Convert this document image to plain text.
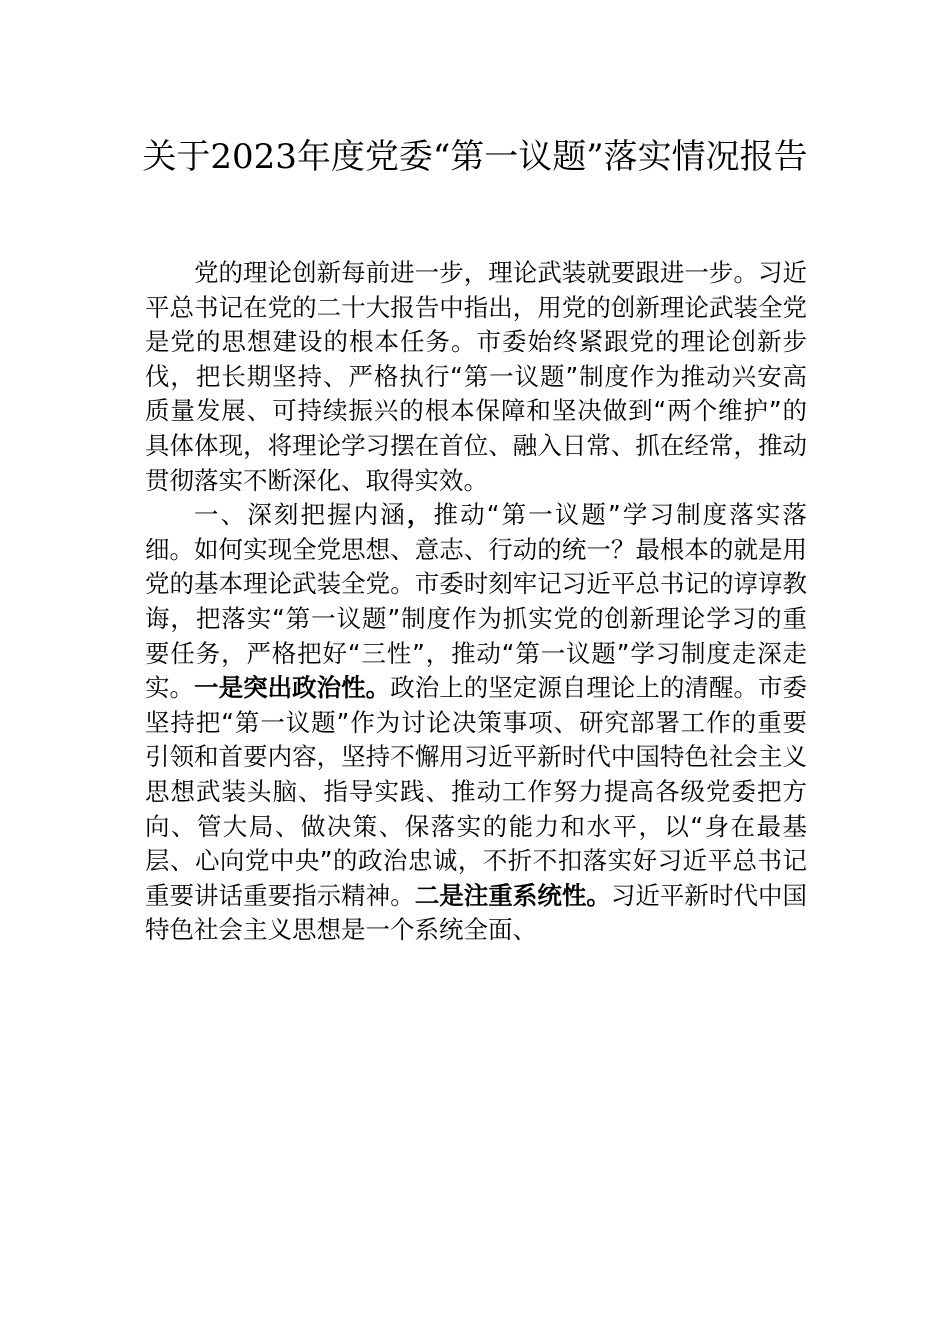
关于2023年度党委“第一议题”落实情况报告

党的理论创新每前进一步，理论武装就要跟进一步。习近平总书记在党的二十大报告中指出，用党的创新理论武装全党是党的思想建设的根本任务。市委始终紧跟党的理论创新步伐，把长期坚持、严格执行“第一议题”制度作为推动兴安高质量发展、可持续振兴的根本保障和坚决做到“两个维护”的具体体现，将理论学习摆在首位、融入日常、抓在经常，推动贯彻落实不断深化、取得实效。

一、深刻把握内涵，推动“第一议题”学习制度落实落细。如何实现全党思想、意志、行动的统一？最根本的就是用党的基本理论武装全党。市委时刻牢记习近平总书记的谆谆教诲，把落实“第一议题”制度作为抓实党的创新理论学习的重要任务，严格把好“三性”，推动“第一议题”学习制度走深走实。一是突出政治性。政治上的坚定源自理论上的清醒。市委坚持把“第一议题”作为讨论决策事项、研究部署工作的重要引领和首要内容，坚持不懈用习近平新时代中国特色社会主义思想武装头脑、指导实践、推动工作努力提高各级党委把方向、管大局、做决策、保落实的能力和水平，以“身在最基层、心向党中央”的政治忠诚，不折不扣落实好习近平总书记重要讲话重要指示精神。二是注重系统性。习近平新时代中国特色社会主义思想是一个系统全面、
